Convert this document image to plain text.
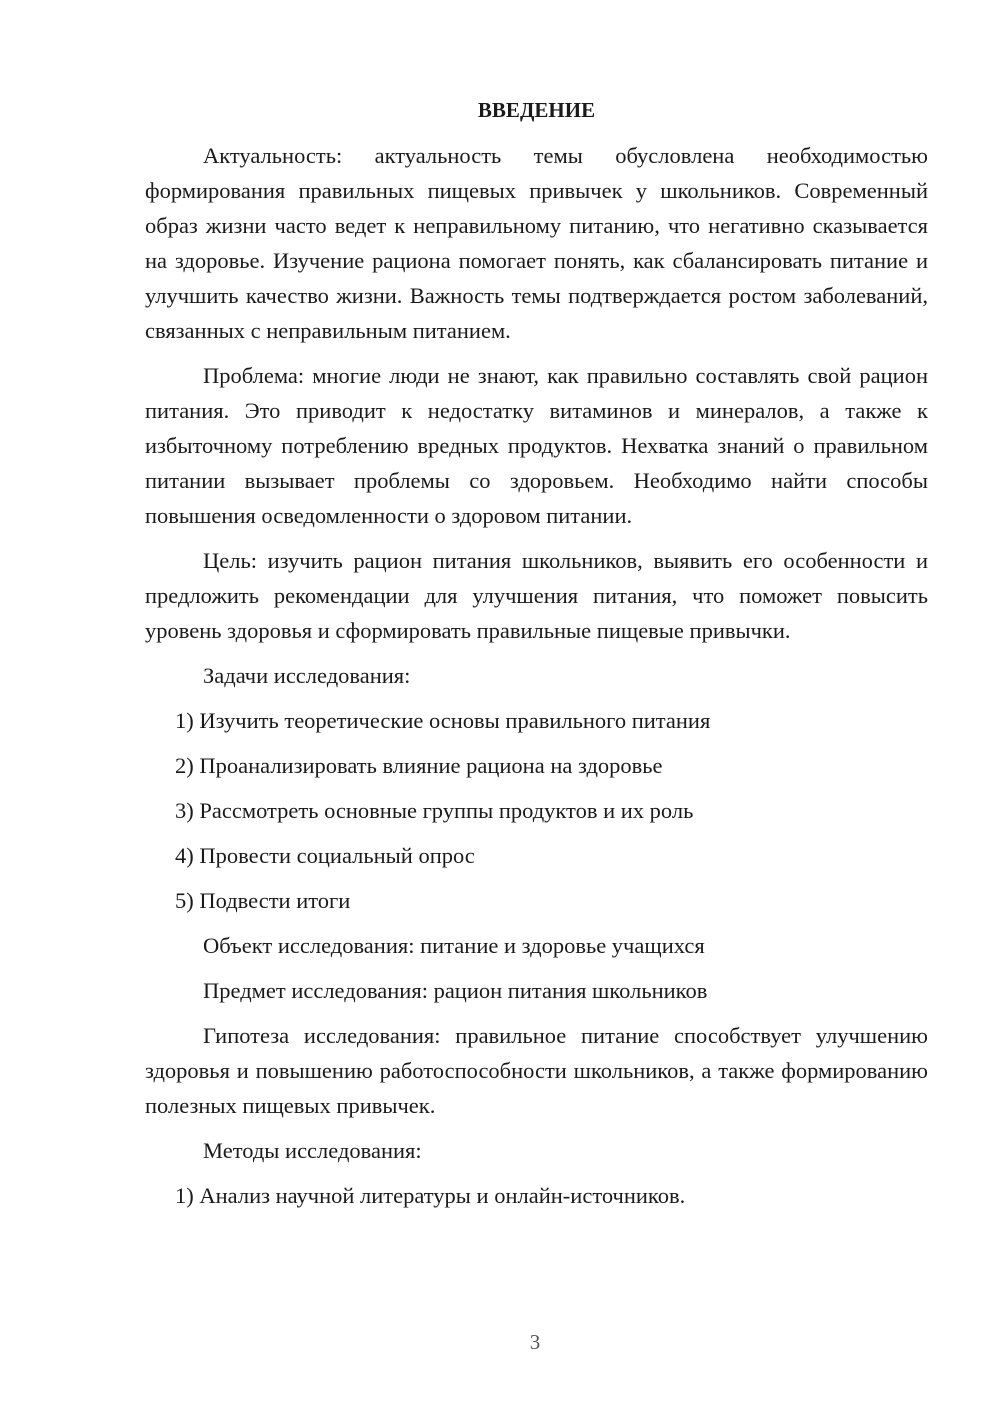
ВВЕДЕНИЕ
Актуальность: актуальность темы обусловлена необходимостью формирования правильных пищевых привычек у школьников. Современный образ жизни часто ведет к неправильному питанию, что негативно сказывается на здоровье. Изучение рациона помогает понять, как сбалансировать питание и улучшить качество жизни. Важность темы подтверждается ростом заболеваний, связанных с неправильным питанием.
Проблема: многие люди не знают, как правильно составлять свой рацион питания. Это приводит к недостатку витаминов и минералов, а также к избыточному потреблению вредных продуктов. Нехватка знаний о правильном питании вызывает проблемы со здоровьем. Необходимо найти способы повышения осведомленности о здоровом питании.
Цель: изучить рацион питания школьников, выявить его особенности и предложить рекомендации для улучшения питания, что поможет повысить уровень здоровья и сформировать правильные пищевые привычки.
Задачи исследования:
1) Изучить теоретические основы правильного питания
2) Проанализировать влияние рациона на здоровье
3) Рассмотреть основные группы продуктов и их роль
4) Провести социальный опрос
5) Подвести итоги
Объект исследования: питание и здоровье учащихся
Предмет исследования: рацион питания школьников
Гипотеза исследования: правильное питание способствует улучшению здоровья и повышению работоспособности школьников, а также формированию полезных пищевых привычек.
Методы исследования:
1) Анализ научной литературы и онлайн-источников.
3
